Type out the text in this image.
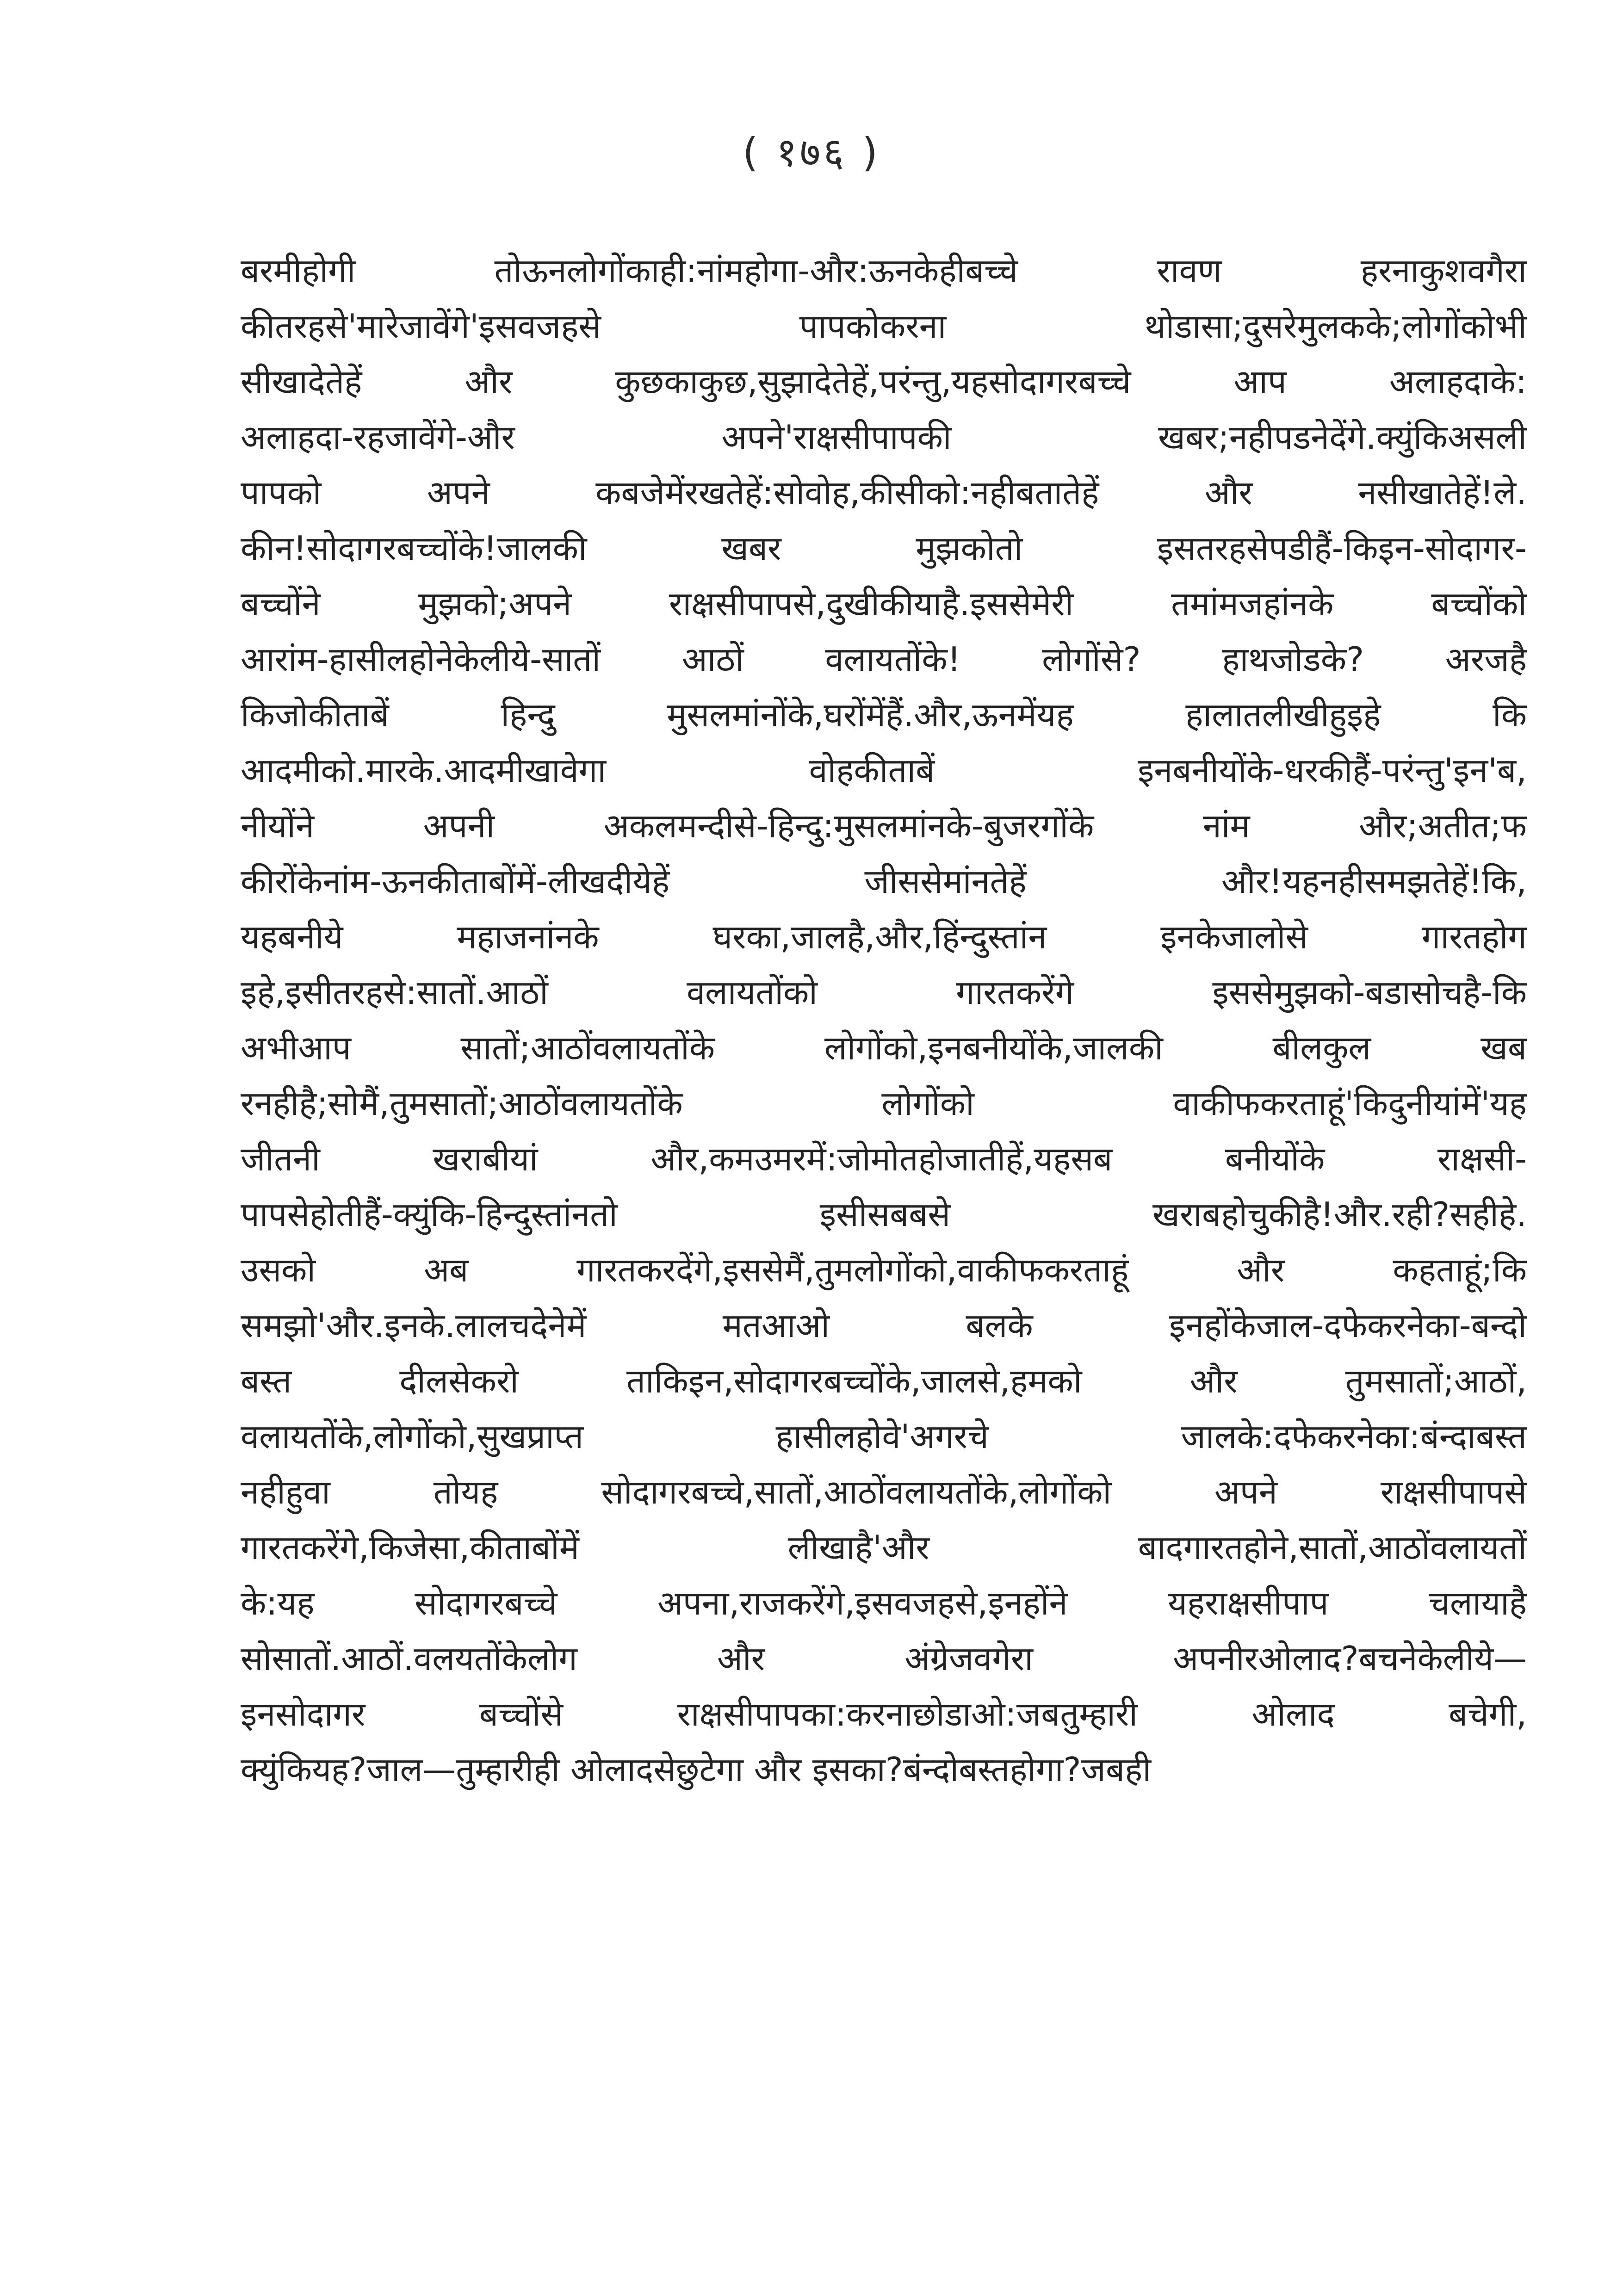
( १७६ )
बरमीहोगी तोऊनलोगोंकाही:नांमहोगा-और:ऊनकेहीबच्चे रावण हरनाकुशवगैरा
कीतरहसे'मारेजावेंगे'इसवजहसे पापकोकरना थोडासा;दुसरेमुलकके;लोगोंकोभी
सीखादेतेहें और कुछकाकुछ,सुझादेतेहें,परंन्तु,यहसोदागरबच्चे आप अलाहदाके:
अलाहदा-रहजावेंगे-और अपने'राक्षसीपापकी खबर;नहीपडनेदेंगे.क्युंकिअसली
पापको अपने कबजेमेंरखतेहें:सोवोह,कीसीको:नहीबतातेहें और नसीखातेहें!ले.
कीन!सोदागरबच्चोंके!जालकी खबर मुझकोतो इसतरहसेपडीहैं-किइन-सोदागर-
बच्चोंने मुझको;अपने राक्षसीपापसे,दुखीकीयाहै.इससेमेरी तमांमजहांनके बच्चोंको
आरांम-हासीलहोनेकेलीये-सातों आठों वलायतोंके! लोगोंसे? हाथजोडके? अरजहै
किजोकीताबें हिन्दु मुसलमांनोंके,घरोंमेंहैं.और,ऊनमेंयह हालातलीखीहुइहे कि
आदमीको.मारके.आदमीखावेगा वोहकीताबें इनबनीयोंके-धरकीहैं-परंन्तु'इन'ब,
नीयोंने अपनी अकलमन्दीसे-हिन्दु:मुसलमांनके-बुजरगोंके नांम और;अतीत;फ
कीरोंकेनांम-ऊनकीताबोंमें-लीखदीयेहें जीससेमांनतेहें और!यहनहीसमझतेहें!कि,
यहबनीये महाजनांनके घरका,जालहै,और,हिंन्दुस्तांन इनकेजालोसे गारतहोग
इहे,इसीतरहसे:सातों.आठों वलायतोंको गारतकरेंगे इससेमुझको-बडासोचहै-कि
अभीआप सातों;आठोंवलायतोंके लोगोंको,इनबनीयोंके,जालकी बीलकुल खब
रनहीहै;सोमैं,तुमसातों;आठोंवलायतोंके लोगोंको वाकीफकरताहूं'किदुनीयांमें'यह
जीतनी खराबीयां और,कमउमरमें:जोमोतहोजातीहें,यहसब बनीयोंके राक्षसी-
पापसेहोतीहैं-क्युंकि-हिन्दुस्तांनतो इसीसबबसे खराबहोचुकीहै!और.रही?सहीहे.
उसको अब गारतकरदेंगे,इससेमैं,तुमलोगोंको,वाकीफकरताहूं और कहताहूं;कि
समझो'और.इनके.लालचदेनेमें मतआओ बलके इनहोंकेजाल-दफेकरनेका-बन्दो
बस्त दीलसेकरो ताकिइन,सोदागरबच्चोंके,जालसे,हमको और तुमसातों;आठों,
वलायतोंके,लोगोंको,सुखप्राप्त हासीलहोवे'अगरचे जालके:दफेकरनेका:बंन्दाबस्त
नहीहुवा तोयह सोदागरबच्चे,सातों,आठोंवलायतोंके,लोगोंको अपने राक्षसीपापसे
गारतकरेंगे,किजेसा,कीताबोंमें लीखाहै'और बादगारतहोने,सातों,आठोंवलायतों
के:यह सोदागरबच्चे अपना,राजकरेंगे,इसवजहसे,इनहोंने यहराक्षसीपाप चलायाहै
सोसातों.आठों.वलयतोंकेलोग और अंग्रेजवगेरा अपनीरओलाद?बचनेकेलीये—
इनसोदागर बच्चोंसे राक्षसीपापका:करनाछोडाओ:जबतुम्हारी ओलाद बचेगी,
क्युंकियह?जाल—तुम्हारीही ओलादसेछुटेगा और इसका?बंन्दोबस्तहोगा?जबही
